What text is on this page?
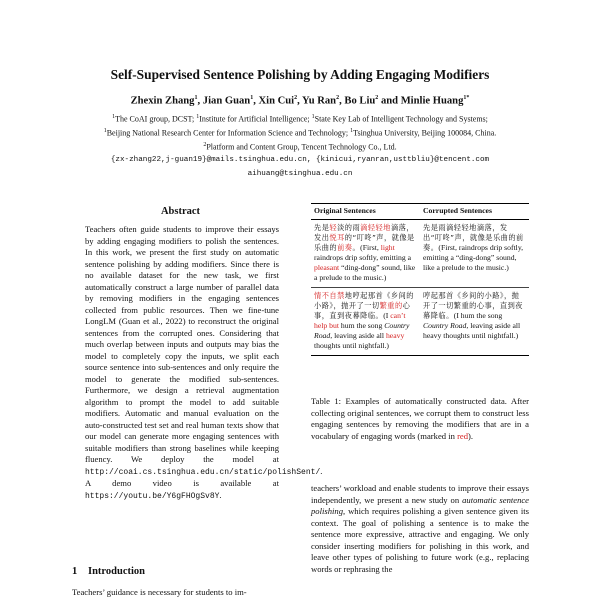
Self-Supervised Sentence Polishing by Adding Engaging Modifiers
Zhexin Zhang$^1$, Jian Guan$^1$, Xin Cui$^2$, Yu Ran$^2$, Bo Liu$^2$ and Minlie Huang$^{1*}$
$^1$The CoAI group, DCST; $^1$Institute for Artificial Intelligence; $^1$State Key Lab of Intelligent Technology and Systems;
$^1$Beijing National Research Center for Information Science and Technology; $^1$Tsinghua University, Beijing 100084, China.
$^2$Platform and Content Group, Tencent Technology Co., Ltd.
{zx-zhang22,j-guan19}@mails.tsinghua.edu.cn, {kinicui,ryanran,usttbliu}@tencent.com
aihuang@tsinghua.edu.cn
Abstract
Teachers often guide students to improve their essays by adding engaging modifiers to polish the sentences. In this work, we present the first study on automatic sentence polishing by adding modifiers. Since there is no available dataset for the new task, we first automatically construct a large number of parallel data by removing modifiers in the engaging sentences collected from public resources. Then we fine-tune LongLM (Guan et al., 2022) to reconstruct the original sentences from the corrupted ones. Considering that much overlap between inputs and outputs may bias the model to completely copy the inputs, we split each source sentence into sub-sentences and only require the model to generate the modified sub-sentences. Furthermore, we design a retrieval augmentation algorithm to prompt the model to add suitable modifiers. Automatic and manual evaluation on the auto-constructed test set and real human texts show that our model can generate more engaging sentences with suitable modifiers than strong baselines while keeping fluency. We deploy the model at http://coai.cs.tsinghua.edu.cn/static/polishSent/. A demo video is available at https://youtu.be/Y6gFHOgSv8Y.
1 Introduction
Teachers’ guidance is necessary for students to im-
Original Sentences	Corrupted Sentences
先是轻淡的雨滴轻轻地滴落，发出悦耳的“叮咚”声，就像是乐曲的前奏。(First, light raindrops drip softly, emitting a pleasant “ding-dong” sound, like a prelude to the music.)	先是雨滴轻轻地滴落，发出“叮咚”声，就像是乐曲的前奏。(First, raindrops drip softly, emitting a “ding-dong” sound, like a prelude to the music.)
情不自禁地哼起那首《乡间的小路》，抛开了一切繁重的心事，直到夜幕降临。(I can’t help but hum the song Country Road, leaving aside all heavy thoughts until nightfall.)	哼起那首《乡间的小路》，抛开了一切繁重的心事，直到夜幕降临。(I hum the song Country Road, leaving aside all heavy thoughts until nightfall.)
Table 1: Examples of automatically constructed data. After collecting original sentences, we corrupt them to construct less engaging sentences by removing the modifiers that are in a vocabulary of engaging words (marked in red).
teachers’ workload and enable students to improve their essays independently, we present a new study on automatic sentence polishing, which requires polishing a given sentence given its context. The goal of polishing a sentence is to make the sentence more expressive, attractive and engaging. We only consider inserting modifiers for polishing in this work, and leave other types of polishing to future work (e.g., replacing words or rephrasing the
